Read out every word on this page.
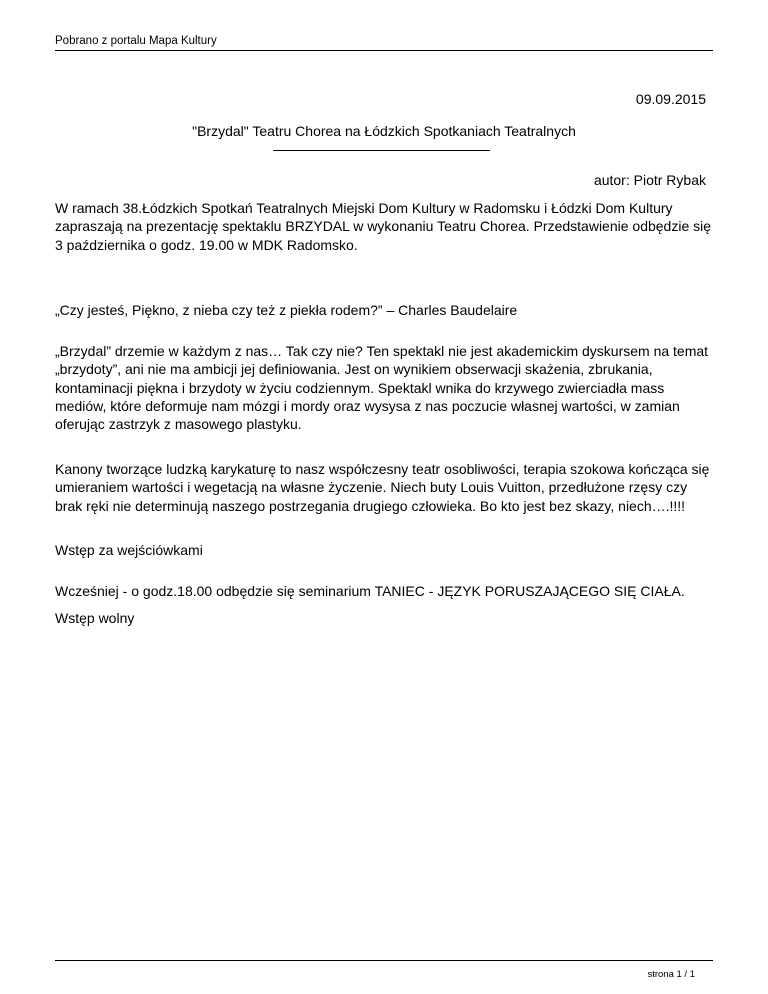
Pobrano z portalu Mapa Kultury
09.09.2015
"Brzydal" Teatru Chorea na Łódzkich Spotkaniach Teatralnych
autor: Piotr Rybak

W ramach 38.Łódzkich Spotkań Teatralnych Miejski Dom Kultury w Radomsku i Łódzki Dom Kultury zapraszają na prezentację spektaklu BRZYDAL w wykonaniu Teatru Chorea. Przedstawienie odbędzie się 3 października o godz. 19.00 w MDK Radomsko.

„Czy jesteś, Piękno, z nieba czy też z piekła rodem?” – Charles Baudelaire

„Brzydal” drzemie w każdym z nas… Tak czy nie? Ten spektakl nie jest akademickim dyskursem na temat „brzydoty”, ani nie ma ambicji jej definiowania. Jest on wynikiem obserwacji skażenia, zbrukania, kontaminacji piękna i brzydoty w życiu codziennym. Spektakl wnika do krzywego zwierciadła mass mediów, które deformuje nam mózgi i mordy oraz wysysa z nas poczucie własnej wartości, w zamian oferując zastrzyk z masowego plastyku.

Kanony tworzące ludzką karykaturę to nasz współczesny teatr osobliwości, terapia szokowa kończąca się umieraniem wartości i wegetacją na własne życzenie. Niech buty Louis Vuitton, przedłużone rzęsy czy brak ręki nie determinują naszego postrzegania drugiego człowieka. Bo kto jest bez skazy, niech….!!!!

Wstęp za wejściówkami

Wcześniej - o godz.18.00 odbędzie się seminarium TANIEC - JĘZYK PORUSZAJĄCEGO SIĘ CIAŁA.

Wstęp wolny

strona 1 / 1
